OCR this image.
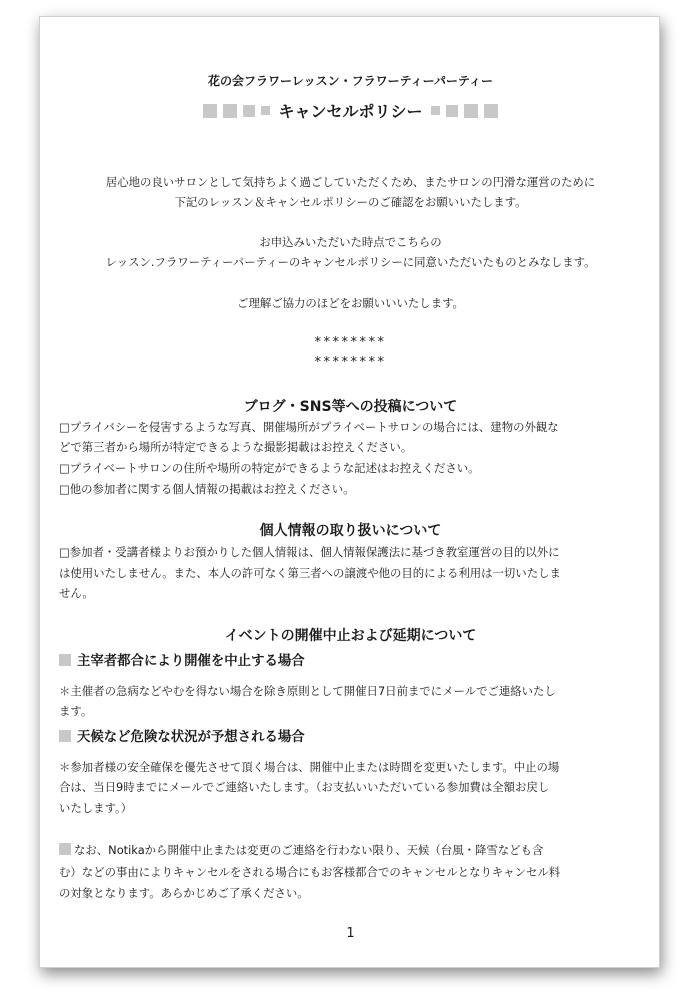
花の会フラワーレッスン・フラワーティーパーティー

キャンセルポリシー

居心地の良いサロンとして気持ちよく過ごしていただくため、またサロンの円滑な運営のために

下記のレッスン＆キャンセルポリシーのご確認をお願いいたします。

お申込みいただいた時点でこちらの

レッスン.フラワーティーパーティーのキャンセルポリシーに同意いただいたものとみなします。

ご理解ご協力のほどをお願いいいたします。

********

********

ブログ・SNS等への投稿について

□プライバシーを侵害するような写真、開催場所がプライベートサロンの場合には、建物の外観な

どで第三者から場所が特定できるような撮影掲載はお控えください。

□プライベートサロンの住所や場所の特定ができるような記述はお控えください。

□他の参加者に関する個人情報の掲載はお控えください。

個人情報の取り扱いについて

□参加者・受講者様よりお預かりした個人情報は、個人情報保護法に基づき教室運営の目的以外に

は使用いたしません。また、本人の許可なく第三者への譲渡や他の目的による利用は一切いたしま

せん。

イベントの開催中止および延期について

主宰者都合により開催を中止する場合

＊主催者の急病などやむを得ない場合を除き原則として開催日7日前までにメールでご連絡いたし

ます。

天候など危険な状況が予想される場合

＊参加者様の安全確保を優先させて頂く場合は、開催中止または時間を変更いたします。中止の場

合は、当日9時までにメールでご連絡いたします。（お支払いいただいている参加費は全額お戻し

いたします。）

なお、Notikaから開催中止または変更のご連絡を行わない限り、天候（台風・降雪なども含

む）などの事由によりキャンセルをされる場合にもお客様都合でのキャンセルとなりキャンセル料

の対象となります。あらかじめご了承ください。

1
